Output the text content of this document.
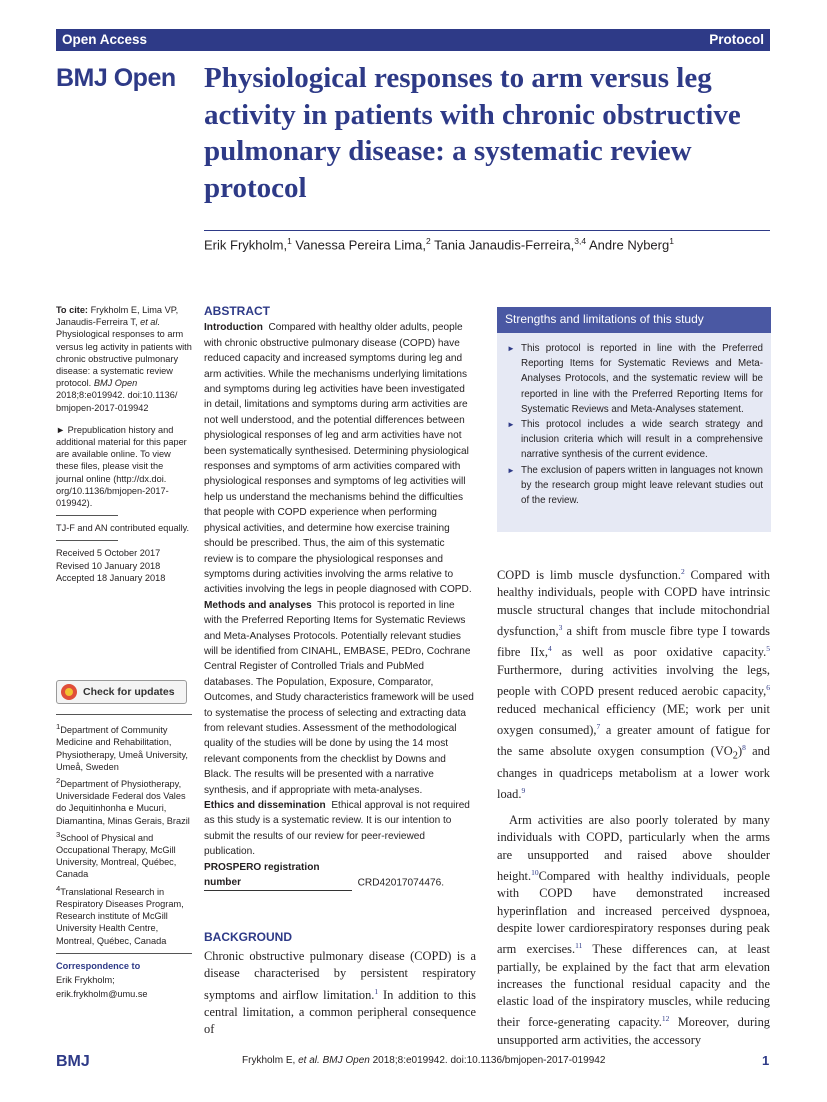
Open Access	Protocol
BMJ Open Physiological responses to arm versus leg activity in patients with chronic obstructive pulmonary disease: a systematic review protocol
Erik Frykholm,$^1$ Vanessa Pereira Lima,$^2$ Tania Janaudis-Ferreira,$^{3,4}$ Andre Nyberg$^1$

To cite: Frykholm E, Lima VP, Janaudis-Ferreira T, et al. Physiological responses to arm versus leg activity in patients with chronic obstructive pulmonary disease: a systematic review protocol. BMJ Open 2018;8:e019942. doi:10.1136/ bmjopen-2017-019942

► Prepublication history and additional material for this paper are available online. To view these files, please visit the journal online (http://dx.doi. org/10.1136/bmjopen-2017- 019942).

TJ-F and AN contributed equally.

Received 5 October 2017

Revised 10 January 2018

Accepted 18 January 2018

Check for updates

$^1$Department of Community Medicine and Rehabilitation, Physiotherapy, Umeå University, Umeå, Sweden

$^2$Department of Physiotherapy, Universidade Federal dos Vales do Jequitinhonha e Mucuri, Diamantina, Minas Gerais, Brazil

$^3$School of Physical and Occupational Therapy, McGill University, Montreal, Québec, Canada

$^4$Translational Research in Respiratory Diseases Program, Research institute of McGill University Health Centre, Montreal, Québec, Canada

Correspondence to

Erik Frykholm;

erik.frykholm@umu.se

ABSTRACT

Introduction Compared with healthy older adults, people with chronic obstructive pulmonary disease (COPD) have reduced capacity and increased symptoms during leg and arm activities. While the mechanisms underlying limitations and symptoms during leg activities have been investigated in detail, limitations and symptoms during arm activities are not well understood, and the potential differences between physiological responses of leg and arm activities have not been systematically synthesised. Determining physiological responses and symptoms of arm activities compared with physiological responses and symptoms of leg activities will help us understand the mechanisms behind the difficulties that people with COPD experience when performing physical activities, and determine how exercise training should be prescribed. Thus, the aim of this systematic review is to compare the physiological responses and symptoms during activities involving the arms relative to activities involving the legs in people diagnosed with COPD.

Methods and analyses This protocol is reported in line with the Preferred Reporting Items for Systematic Reviews and Meta-Analyses Protocols. Potentially relevant studies will be identified from CINAHL, EMBASE, PEDro, Cochrane Central Register of Controlled Trials and PubMed databases. The Population, Exposure, Comparator, Outcomes, and Study characteristics framework will be used to systematise the process of selecting and extracting data from relevant studies. Assessment of the methodological quality of the studies will be done by using the 14 most relevant components from the checklist by Downs and Black. The results will be presented with a narrative synthesis, and if appropriate with meta-analyses.

Ethics and dissemination Ethical approval is not required as this study is a systematic review. It is our intention to submit the results of our review for peer-reviewed publication.

PROSPERO registration number	CRD42017074476.

Strengths and limitations of this study
► This protocol is reported in line with the Preferred Reporting Items for Systematic Reviews and Meta-Analyses Protocols, and the systematic review will be reported in line with the Preferred Reporting Items for Systematic Reviews and Meta-Analyses statement.
► This protocol includes a wide search strategy and inclusion criteria which will result in a comprehensive narrative synthesis of the current evidence.
► The exclusion of papers written in languages not known by the research group might leave relevant studies out of the review.
BACKGROUND

Chronic obstructive pulmonary disease (COPD) is a disease characterised by persistent respiratory symptoms and airflow limitation.$^1$ In addition to this central limitation, a common peripheral consequence of

COPD is limb muscle dysfunction.$^2$ Compared with healthy individuals, people with COPD have intrinsic muscle structural changes that include mitochondrial dysfunction,$^3$ a shift from muscle fibre type I towards fibre IIx,$^4$ as well as poor oxidative capacity.$^5$ Furthermore, during activities involving the legs, people with COPD present reduced aerobic capacity,$^6$ reduced mechanical efficiency (ME; work per unit oxygen consumed),$^7$ a greater amount of fatigue for the same absolute oxygen consumption $(VO_2)^8$ and changes in quadriceps metabolism at a lower work load.$^9$

Arm activities are also poorly tolerated by many individuals with COPD, particularly when the arms are unsupported and raised above shoulder height.$^{10}$Compared with healthy individuals, people with COPD have demonstrated increased hyperinflation and increased perceived dyspnoea, despite lower cardiorespiratory responses during peak arm exercises.$^{11}$ These differences can, at least partially, be explained by the fact that arm elevation increases the functional residual capacity and the elastic load of the inspiratory muscles, while reducing their force-generating capacity.$^{12}$ Moreover, during unsupported arm activities, the accessory

BMJ	Frykholm E, et al. BMJ Open 2018;8:e019942. doi:10.1136/bmjopen-2017-019942	1
